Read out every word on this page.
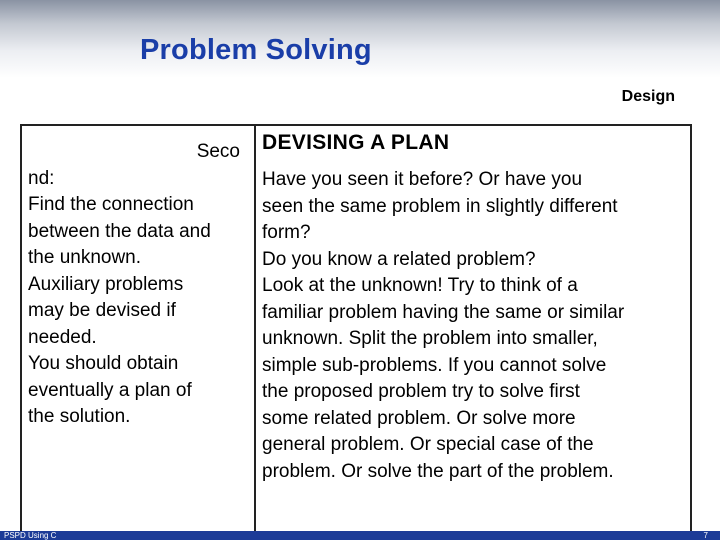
Problem Solving
Design
Seco
nd:
Find the connection
between the data and
the unknown.
Auxiliary problems
may be devised if
needed.
You should obtain
eventually a plan of
the solution.
DEVISING A PLAN
Have you seen it before? Or have you
seen the same problem in slightly different
form?
Do you know a related problem?
Look at the unknown! Try to think of a
familiar problem having the same or similar
unknown. Split the problem into smaller,
simple sub-problems. If you cannot solve
the proposed problem try to solve first
some related problem. Or solve more
general problem. Or special case of the
problem. Or solve the part of the problem.
PSPD Using C	7
